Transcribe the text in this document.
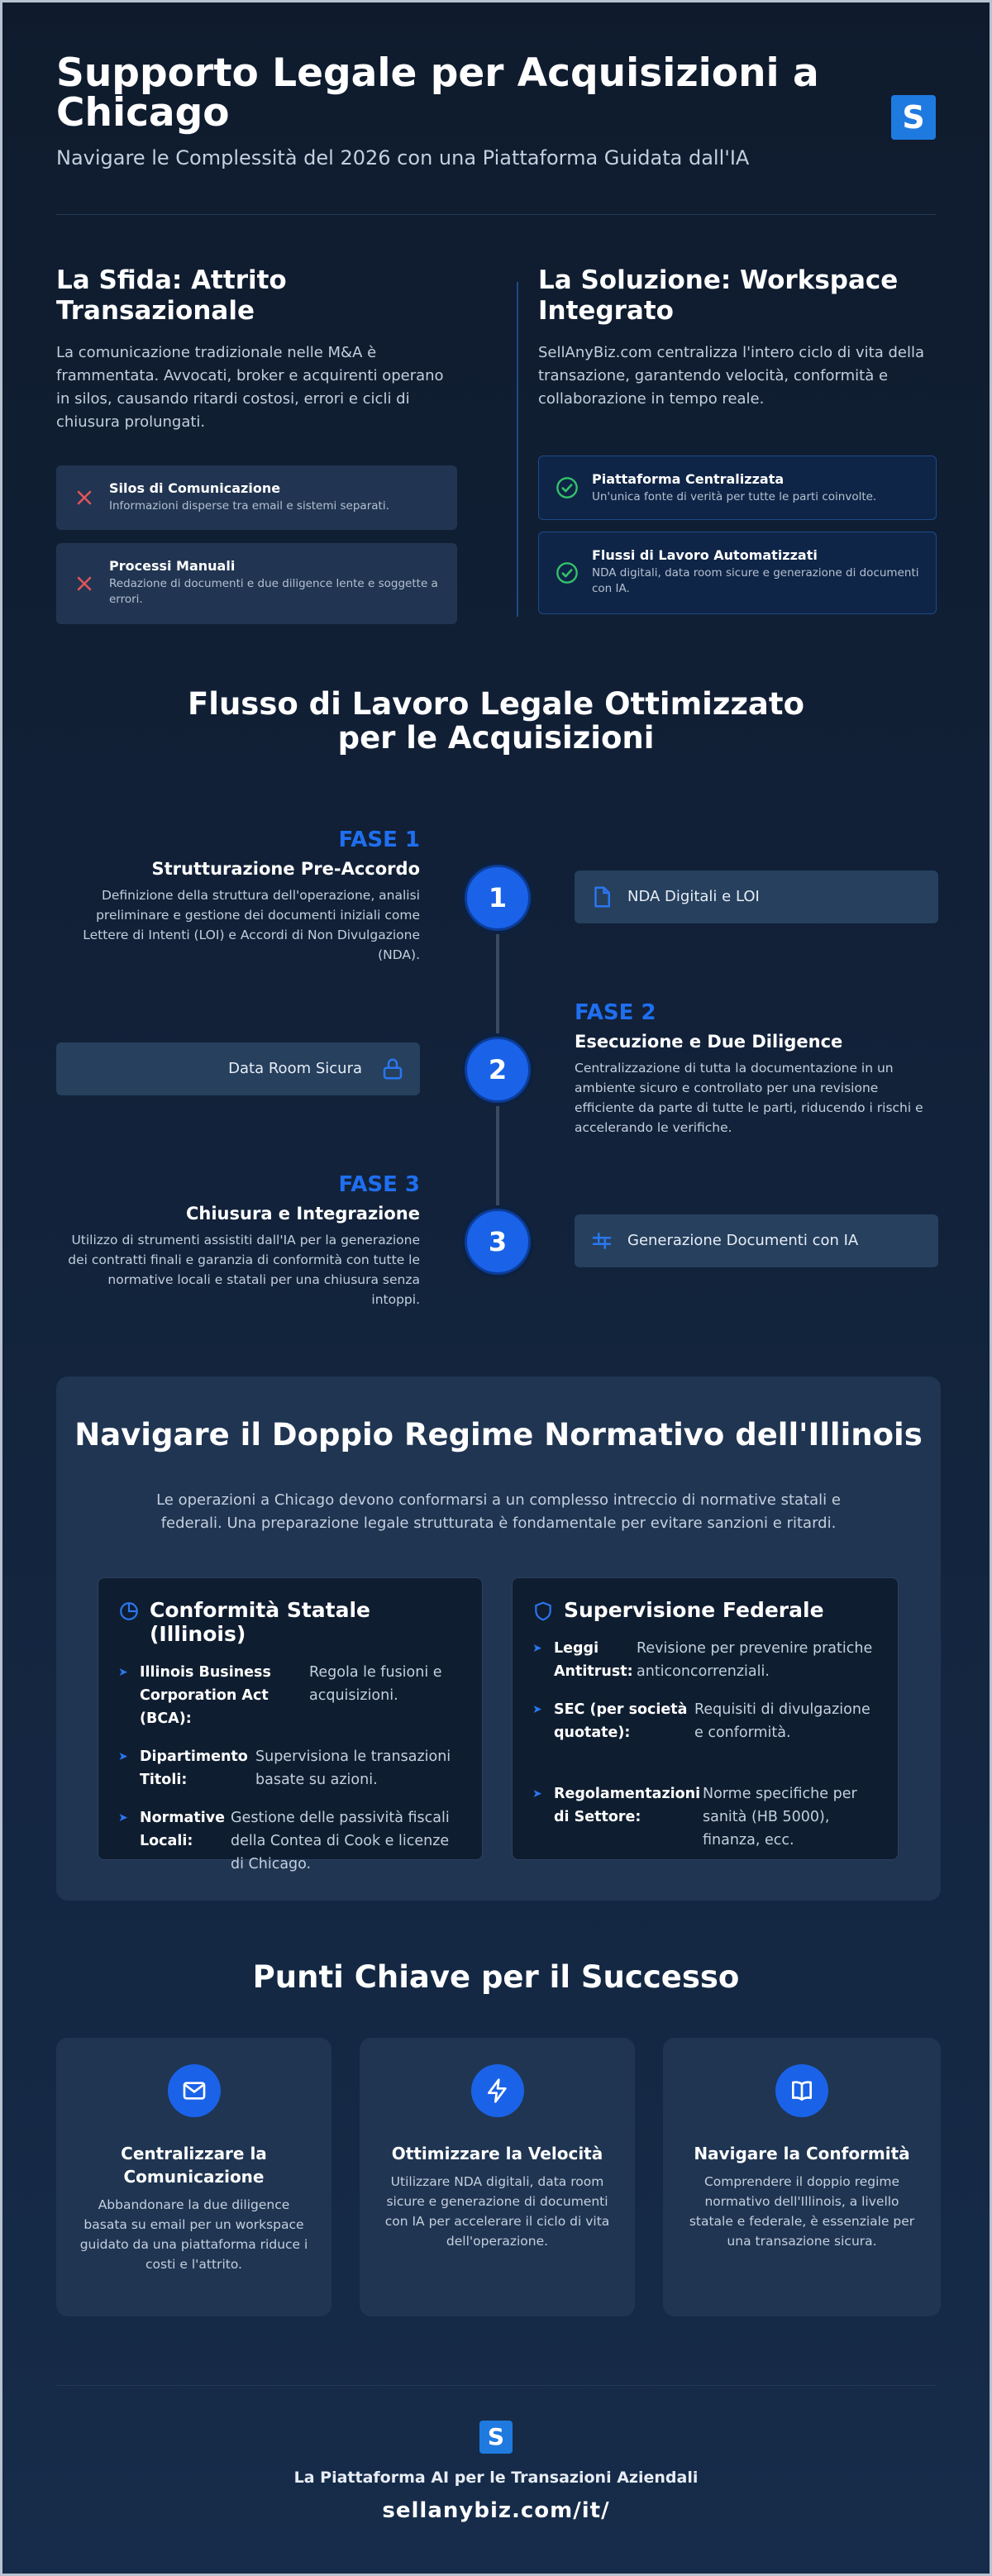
Supporto Legale per Acquisizioni a Chicago
Navigare le Complessità del 2026 con una Piattaforma Guidata dall'IA
S
La Sfida: Attrito Transazionale

La comunicazione tradizionale nelle M&A è frammentata. Avvocati, broker e acquirenti operano in silos, causando ritardi costosi, errori e cicli di chiusura prolungati.

Silos di Comunicazione
Informazioni disperse tra email e sistemi separati.
Processi Manuali
Redazione di documenti e due diligence lente e soggette a errori.
La Soluzione: Workspace Integrato

SellAnyBiz.com centralizza l'intero ciclo di vita della transazione, garantendo velocità, conformità e collaborazione in tempo reale.

Piattaforma Centralizzata
Un'unica fonte di verità per tutte le parti coinvolte.
Flussi di Lavoro Automatizzati
NDA digitali, data room sicure e generazione di documenti con IA.
Flusso di Lavoro Legale Ottimizzato per le Acquisizioni
FASE 1
Strutturazione Pre-Accordo
Definizione della struttura dell'operazione, analisi preliminare e gestione dei documenti iniziali come Lettere di Intenti (LOI) e Accordi di Non Divulgazione (NDA).
1	NDA Digitali e LOI
Data Room Sicura	2
FASE 2
Esecuzione e Due Diligence
Centralizzazione di tutta la documentazione in un ambiente sicuro e controllato per una revisione efficiente da parte di tutte le parti, riducendo i rischi e accelerando le verifiche.
FASE 3
Chiusura e Integrazione
Utilizzo di strumenti assistiti dall'IA per la generazione dei contratti finali e garanzia di conformità con tutte le normative locali e statali per una chiusura senza intoppi.
3	Generazione Documenti con IA
Navigare il Doppio Regime Normativo dell'Illinois

Le operazioni a Chicago devono conformarsi a un complesso intreccio di normative statali e federali. Una preparazione legale strutturata è fondamentale per evitare sanzioni e ritardi.

Conformità Statale (Illinois)
➤ Illinois Business Corporation Act (BCA):
Regola le fusioni e acquisizioni.
➤ Dipartimento Titoli:
Supervisiona le transazioni basate su azioni.
➤ Normative Locali:
Gestione delle passività fiscali della Contea di Cook e licenze di Chicago.
Supervisione Federale
➤ Leggi Antitrust:
Revisione per prevenire pratiche anticoncorrenziali.
➤ SEC (per società quotate):
Requisiti di divulgazione e conformità.
➤ Regolamentazioni di Settore:
Norme specifiche per sanità (HB 5000), finanza, ecc.
Punti Chiave per il Successo
Centralizzare la Comunicazione
Abbandonare la due diligence basata su email per un workspace guidato da una piattaforma riduce i costi e l'attrito.
Ottimizzare la Velocità
Utilizzare NDA digitali, data room sicure e generazione di documenti con IA per accelerare il ciclo di vita dell'operazione.
Navigare la Conformità
Comprendere il doppio regime normativo dell'Illinois, a livello statale e federale, è essenziale per una transazione sicura.
S
La Piattaforma AI per le Transazioni Aziendali
sellanybiz.com/it/
